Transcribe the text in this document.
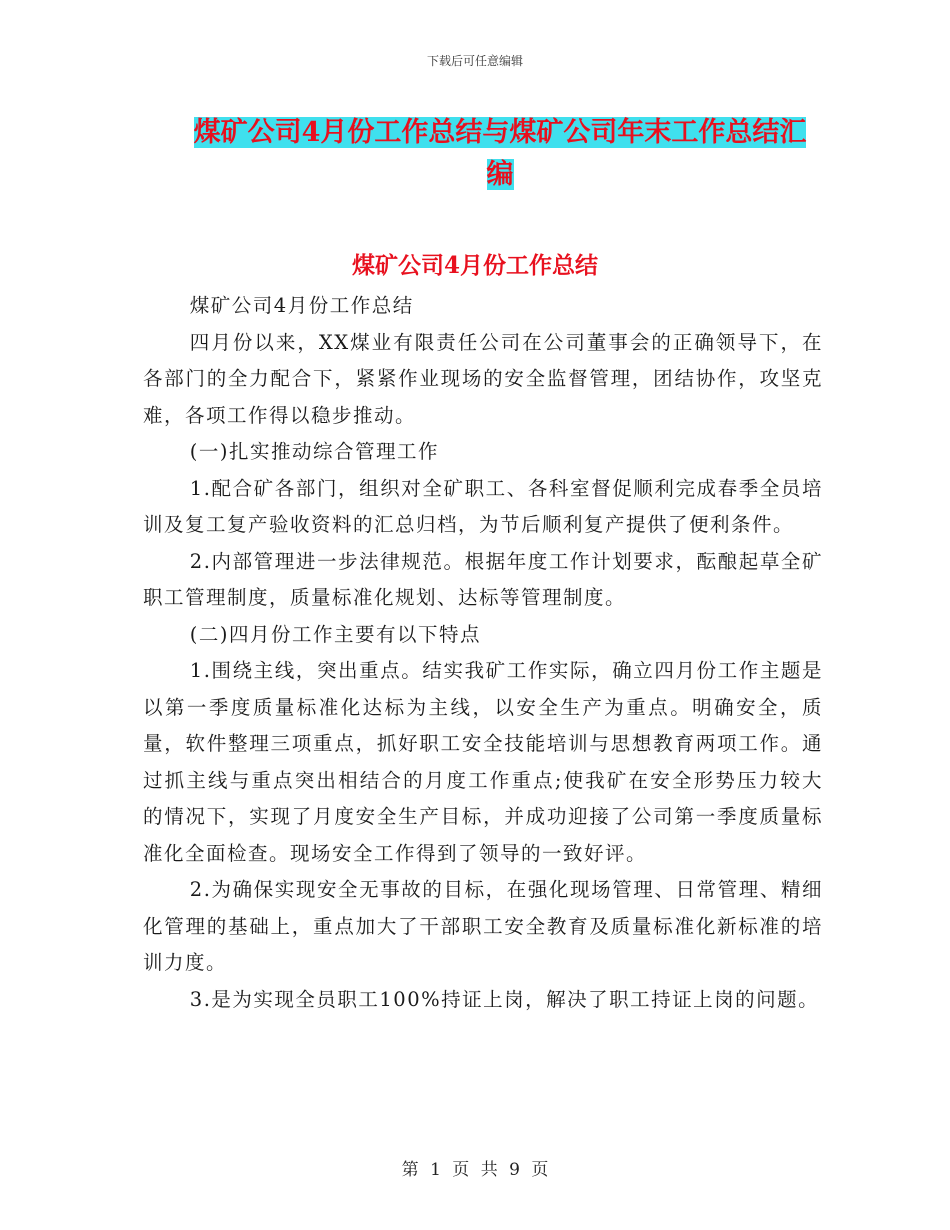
下载后可任意编辑
煤矿公司4月份工作总结与煤矿公司年末工作总结汇
编
煤矿公司4月份工作总结

煤矿公司4月份工作总结

四月份以来，XX煤业有限责任公司在公司董事会的正确领导下，在各部门的全力配合下，紧紧作业现场的安全监督管理，团结协作，攻坚克难，各项工作得以稳步推动。

(一)扎实推动综合管理工作

1.配合矿各部门，组织对全矿职工、各科室督促顺利完成春季全员培训及复工复产验收资料的汇总归档，为节后顺利复产提供了便利条件。

2.内部管理进一步法律规范。根据年度工作计划要求，酝酿起草全矿职工管理制度，质量标准化规划、达标等管理制度。

(二)四月份工作主要有以下特点

1.围绕主线，突出重点。结实我矿工作实际，确立四月份工作主题是以第一季度质量标准化达标为主线，以安全生产为重点。明确安全，质量，软件整理三项重点，抓好职工安全技能培训与思想教育两项工作。通过抓主线与重点突出相结合的月度工作重点;使我矿在安全形势压力较大的情况下，实现了月度安全生产目标，并成功迎接了公司第一季度质量标准化全面检查。现场安全工作得到了领导的一致好评。

2.为确保实现安全无事故的目标，在强化现场管理、日常管理、精细化管理的基础上，重点加大了干部职工安全教育及质量标准化新标准的培训力度。

3.是为实现全员职工100%持证上岗，解决了职工持证上岗的问题。

第 1 页 共 9 页
